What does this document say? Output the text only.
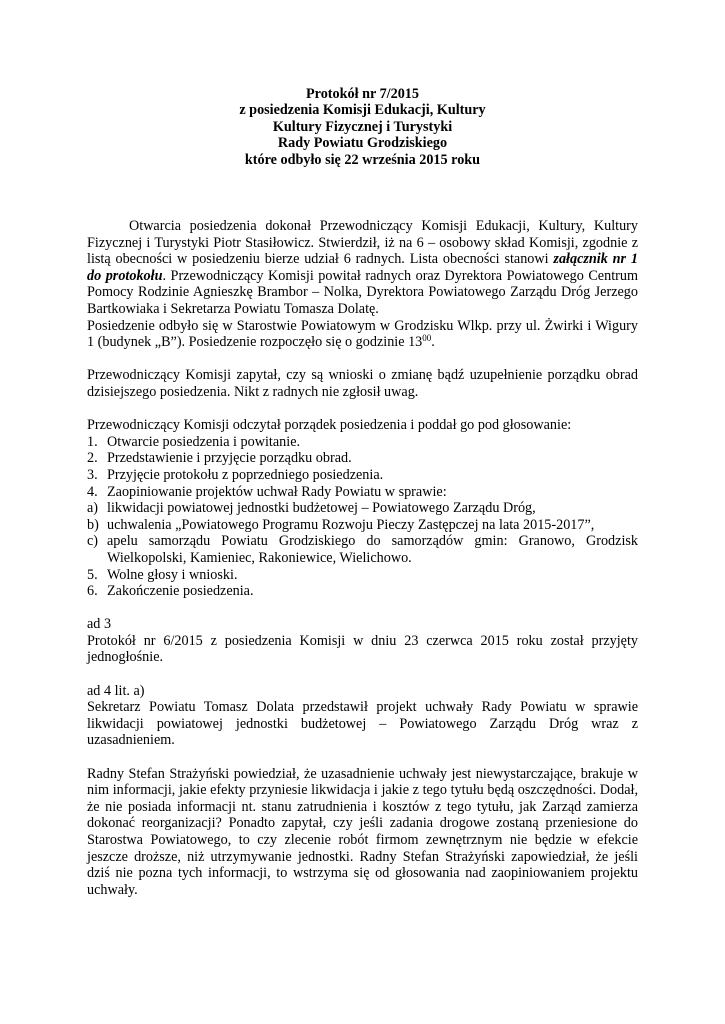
Protokół nr 7/2015
z posiedzenia Komisji Edukacji, Kultury
Kultury Fizycznej i Turystyki
Rady Powiatu Grodziskiego
które odbyło się 22 września 2015 roku

Otwarcia posiedzenia dokonał Przewodniczący Komisji Edukacji, Kultury, Kultury Fizycznej i Turystyki Piotr Stasiłowicz. Stwierdził, iż na 6 – osobowy skład Komisji, zgodnie z listą obecności w posiedzeniu bierze udział 6 radnych. Lista obecności stanowi załącznik nr 1 do protokołu. Przewodniczący Komisji powitał radnych oraz Dyrektora Powiatowego Centrum Pomocy Rodzinie Agnieszkę Brambor – Nolka, Dyrektora Powiatowego Zarządu Dróg Jerzego Bartkowiaka i Sekretarza Powiatu Tomasza Dolatę.

Posiedzenie odbyło się w Starostwie Powiatowym w Grodzisku Wlkp. przy ul. Żwirki i Wigury 1 (budynek „B”). Posiedzenie rozpoczęło się o godzinie $13^{00}$.

Przewodniczący Komisji zapytał, czy są wnioski o zmianę bądź uzupełnienie porządku obrad dzisiejszego posiedzenia. Nikt z radnych nie zgłosił uwag.

Przewodniczący Komisji odczytał porządek posiedzenia i poddał go pod głosowanie:

1. Otwarcie posiedzenia i powitanie.
2. Przedstawienie i przyjęcie porządku obrad.
3. Przyjęcie protokołu z poprzedniego posiedzenia.
4. Zaopiniowanie projektów uchwał Rady Powiatu w sprawie:
a) likwidacji powiatowej jednostki budżetowej – Powiatowego Zarządu Dróg,
b) uchwalenia „Powiatowego Programu Rozwoju Pieczy Zastępczej na lata 2015-2017”,
c) apelu samorządu Powiatu Grodziskiego do samorządów gmin: Granowo, Grodzisk Wielkopolski, Kamieniec, Rakoniewice, Wielichowo.
5. Wolne głosy i wnioski.
6. Zakończenie posiedzenia.

ad 3

Protokół nr 6/2015 z posiedzenia Komisji w dniu 23 czerwca 2015 roku został przyjęty jednogłośnie.

ad 4 lit. a)

Sekretarz Powiatu Tomasz Dolata przedstawił projekt uchwały Rady Powiatu w sprawie likwidacji powiatowej jednostki budżetowej – Powiatowego Zarządu Dróg wraz z uzasadnieniem.

Radny Stefan Strażyński powiedział, że uzasadnienie uchwały jest niewystarczające, brakuje w nim informacji, jakie efekty przyniesie likwidacja i jakie z tego tytułu będą oszczędności. Dodał, że nie posiada informacji nt. stanu zatrudnienia i kosztów z tego tytułu, jak Zarząd zamierza dokonać reorganizacji? Ponadto zapytał, czy jeśli zadania drogowe zostaną przeniesione do Starostwa Powiatowego, to czy zlecenie robót firmom zewnętrznym nie będzie w efekcie jeszcze droższe, niż utrzymywanie jednostki. Radny Stefan Strażyński zapowiedział, że jeśli dziś nie pozna tych informacji, to wstrzyma się od głosowania nad zaopiniowaniem projektu uchwały.
